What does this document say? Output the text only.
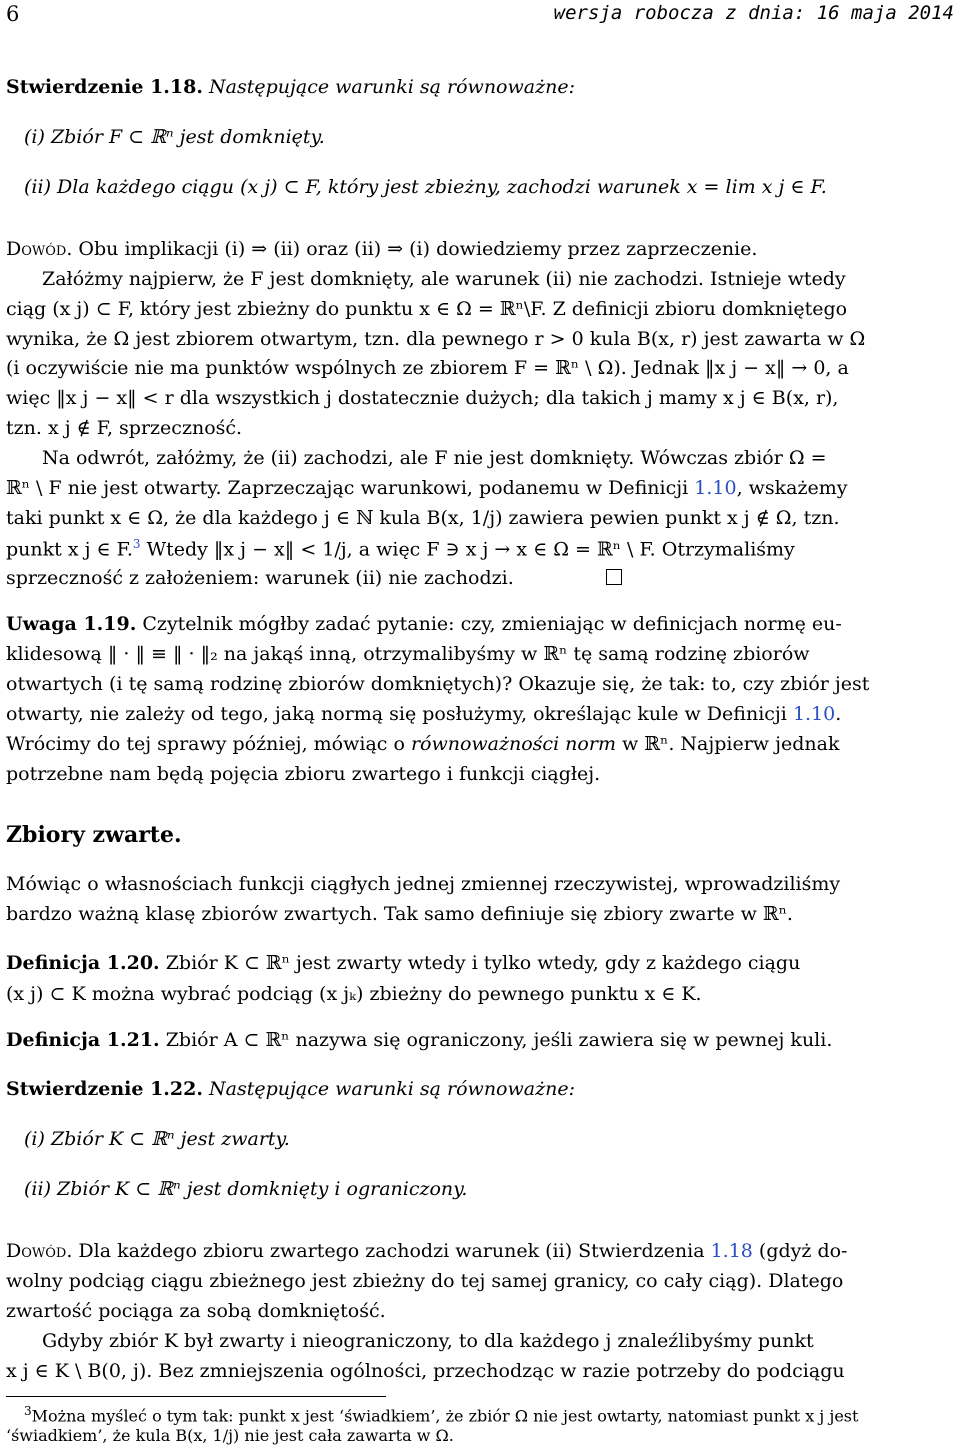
6	wersja robocza z dnia: 16 maja 2014
Stwierdzenie 1.18. Następujące warunki są równoważne:
(i) Zbiór F ⊂ ℝⁿ jest domknięty.
(ii) Dla każdego ciągu (x j) ⊂ F, który jest zbieżny, zachodzi warunek x = lim x j ∈ F.
Dowód. Obu implikacji (i) ⇒ (ii) oraz (ii) ⇒ (i) dowiedziemy przez zaprzeczenie.
Załóżmy najpierw, że F jest domknięty, ale warunek (ii) nie zachodzi. Istnieje wtedy
ciąg (x j) ⊂ F, który jest zbieżny do punktu x ∈ Ω = ℝⁿ\F. Z definicji zbioru domkniętego
wynika, że Ω jest zbiorem otwartym, tzn. dla pewnego r > 0 kula B(x, r) jest zawarta w Ω
(i oczywiście nie ma punktów wspólnych ze zbiorem F = ℝⁿ \ Ω). Jednak ‖x j − x‖ → 0, a
więc ‖x j − x‖ < r dla wszystkich j dostatecznie dużych; dla takich j mamy x j ∈ B(x, r),
tzn. x j ∉ F, sprzeczność.
Na odwrót, załóżmy, że (ii) zachodzi, ale F nie jest domknięty. Wówczas zbiór Ω =
ℝⁿ \ F nie jest otwarty. Zaprzeczając warunkowi, podanemu w Definicji 1.10, wskażemy
taki punkt x ∈ Ω, że dla każdego j ∈ ℕ kula B(x, 1/j) zawiera pewien punkt x j ∉ Ω, tzn.
punkt x j ∈ F.$^3$ Wtedy ‖x j − x‖ < 1/j, a więc F ∋ x j → x ∈ Ω = ℝⁿ \ F. Otrzymaliśmy
sprzeczność z założeniem: warunek (ii) nie zachodzi.
Uwaga 1.19. Czytelnik mógłby zadać pytanie: czy, zmieniając w definicjach normę eu-
klidesową ‖ · ‖ ≡ ‖ · ‖₂ na jakąś inną, otrzymalibyśmy w ℝⁿ tę samą rodzinę zbiorów
otwartych (i tę samą rodzinę zbiorów domkniętych)? Okazuje się, że tak: to, czy zbiór jest
otwarty, nie zależy od tego, jaką normą się posłużymy, określając kule w Definicji 1.10.
Wrócimy do tej sprawy później, mówiąc o równoważności norm w ℝⁿ. Najpierw jednak
potrzebne nam będą pojęcia zbioru zwartego i funkcji ciągłej.
Zbiory zwarte.
Mówiąc o własnościach funkcji ciągłych jednej zmiennej rzeczywistej, wprowadziliśmy
bardzo ważną klasę zbiorów zwartych. Tak samo definiuje się zbiory zwarte w ℝⁿ.
Definicja 1.20. Zbiór K ⊂ ℝⁿ jest zwarty wtedy i tylko wtedy, gdy z każdego ciągu
(x j) ⊂ K można wybrać podciąg (x jₖ) zbieżny do pewnego punktu x ∈ K.
Definicja 1.21. Zbiór A ⊂ ℝⁿ nazywa się ograniczony, jeśli zawiera się w pewnej kuli.
Stwierdzenie 1.22. Następujące warunki są równoważne:
(i) Zbiór K ⊂ ℝⁿ jest zwarty.
(ii) Zbiór K ⊂ ℝⁿ jest domknięty i ograniczony.
Dowód. Dla każdego zbioru zwartego zachodzi warunek (ii) Stwierdzenia 1.18 (gdyż do-
wolny podciąg ciągu zbieżnego jest zbieżny do tej samej granicy, co cały ciąg). Dlatego
zwartość pociąga za sobą domkniętość.
Gdyby zbiór K był zwarty i nieograniczony, to dla każdego j znaleźlibyśmy punkt
x j ∈ K \ B(0, j). Bez zmniejszenia ogólności, przechodząc w razie potrzeby do podciągu
$^3$Można myśleć o tym tak: punkt x jest ‘świadkiem’, że zbiór Ω nie jest owtarty, natomiast punkt x j jest
‘świadkiem’, że kula B(x, 1/j) nie jest cała zawarta w Ω.
